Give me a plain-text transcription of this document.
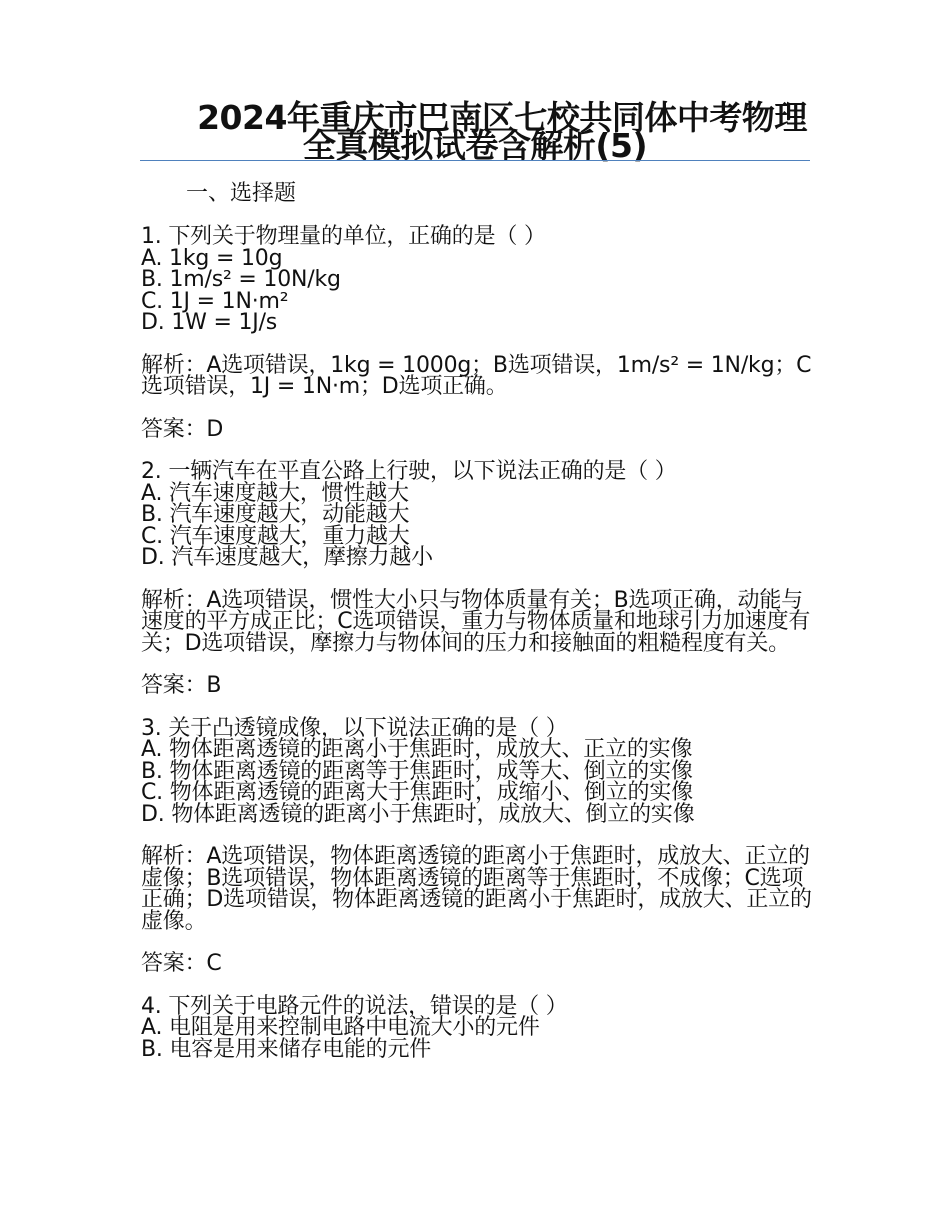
2024年重庆市巴南区七校共同体中考物理全真模拟试卷含解析(5)
一、选择题
1. 下列关于物理量的单位，正确的是（ ）
A. 1kg = 10g
B. 1m/s² = 10N/kg
C. 1J = 1N·m²
D. 1W = 1J/s
解析：A选项错误，1kg = 1000g；B选项错误，1m/s² = 1N/kg；C选项错误，1J = 1N·m；D选项正确。
答案：D
2. 一辆汽车在平直公路上行驶，以下说法正确的是（ ）
A. 汽车速度越大，惯性越大
B. 汽车速度越大，动能越大
C. 汽车速度越大，重力越大
D. 汽车速度越大，摩擦力越小
解析：A选项错误，惯性大小只与物体质量有关；B选项正确，动能与速度的平方成正比；C选项错误，重力与物体质量和地球引力加速度有关；D选项错误，摩擦力与物体间的压力和接触面的粗糙程度有关。
答案：B
3. 关于凸透镜成像，以下说法正确的是（ ）
A. 物体距离透镜的距离小于焦距时，成放大、正立的实像
B. 物体距离透镜的距离等于焦距时，成等大、倒立的实像
C. 物体距离透镜的距离大于焦距时，成缩小、倒立的实像
D. 物体距离透镜的距离小于焦距时，成放大、倒立的实像
解析：A选项错误，物体距离透镜的距离小于焦距时，成放大、正立的虚像；B选项错误，物体距离透镜的距离等于焦距时，不成像；C选项正确；D选项错误，物体距离透镜的距离小于焦距时，成放大、正立的虚像。
答案：C
4. 下列关于电路元件的说法，错误的是（ ）
A. 电阻是用来控制电路中电流大小的元件
B. 电容是用来储存电能的元件
